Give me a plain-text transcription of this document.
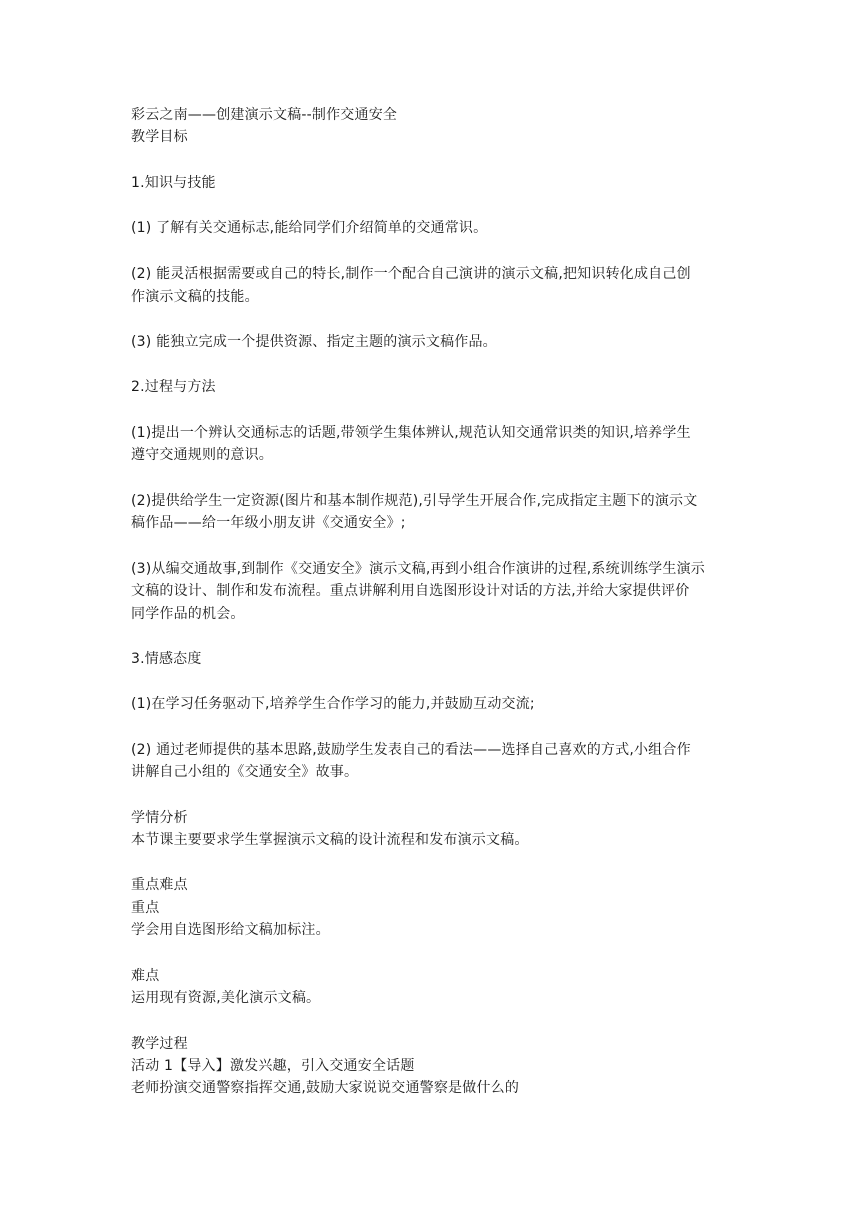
彩云之南——创建演示文稿--制作交通安全
教学目标
1.知识与技能
(1) 了解有关交通标志,能给同学们介绍简单的交通常识。
(2) 能灵活根据需要或自己的特长,制作一个配合自己演讲的演示文稿,把知识转化成自己创
作演示文稿的技能。
(3) 能独立完成一个提供资源、指定主题的演示文稿作品。
2.过程与方法
(1)提出一个辨认交通标志的话题,带领学生集体辨认,规范认知交通常识类的知识,培养学生
遵守交通规则的意识。
(2)提供给学生一定资源(图片和基本制作规范),引导学生开展合作,完成指定主题下的演示文
稿作品——给一年级小朋友讲《交通安全》;
(3)从编交通故事,到制作《交通安全》演示文稿,再到小组合作演讲的过程,系统训练学生演示
文稿的设计、制作和发布流程。重点讲解利用自选图形设计对话的方法,并给大家提供评价
同学作品的机会。
3.情感态度
(1)在学习任务驱动下,培养学生合作学习的能力,并鼓励互动交流;
(2) 通过老师提供的基本思路,鼓励学生发表自己的看法——选择自己喜欢的方式,小组合作
讲解自己小组的《交通安全》故事。
学情分析
本节课主要要求学生掌握演示文稿的设计流程和发布演示文稿。
重点难点
重点
学会用自选图形给文稿加标注。
难点
运用现有资源,美化演示文稿。
教学过程
活动 1【导入】激发兴趣，引入交通安全话题
老师扮演交通警察指挥交通,鼓励大家说说交通警察是做什么的
